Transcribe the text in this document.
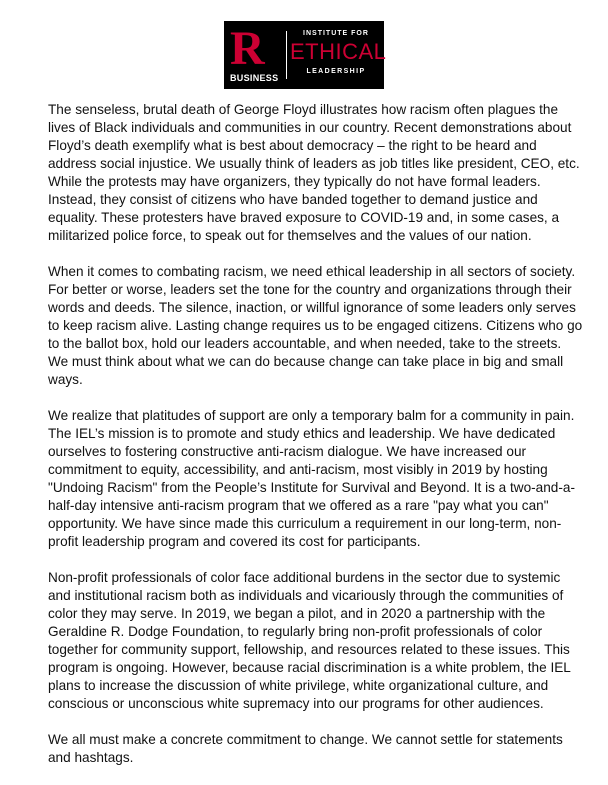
R
BUSINESS
INSTITUTE FOR
ETHICAL
LEADERSHIP

The senseless, brutal death of George Floyd illustrates how racism often plagues the
lives of Black individuals and communities in our country. Recent demonstrations about
Floyd’s death exemplify what is best about democracy – the right to be heard and
address social injustice. We usually think of leaders as job titles like president, CEO, etc.
While the protests may have organizers, they typically do not have formal leaders.
Instead, they consist of citizens who have banded together to demand justice and
equality. These protesters have braved exposure to COVID-19 and, in some cases, a
militarized police force, to speak out for themselves and the values of our nation.

When it comes to combating racism, we need ethical leadership in all sectors of society.
For better or worse, leaders set the tone for the country and organizations through their
words and deeds. The silence, inaction, or willful ignorance of some leaders only serves
to keep racism alive. Lasting change requires us to be engaged citizens. Citizens who go
to the ballot box, hold our leaders accountable, and when needed, take to the streets.
We must think about what we can do because change can take place in big and small
ways.

We realize that platitudes of support are only a temporary balm for a community in pain.
The IEL’s mission is to promote and study ethics and leadership. We have dedicated
ourselves to fostering constructive anti-racism dialogue. We have increased our
commitment to equity, accessibility, and anti-racism, most visibly in 2019 by hosting
"Undoing Racism" from the People’s Institute for Survival and Beyond. It is a two-and-a-
half-day intensive anti-racism program that we offered as a rare "pay what you can"
opportunity. We have since made this curriculum a requirement in our long-term, non-
profit leadership program and covered its cost for participants.

Non-profit professionals of color face additional burdens in the sector due to systemic
and institutional racism both as individuals and vicariously through the communities of
color they may serve. In 2019, we began a pilot, and in 2020 a partnership with the
Geraldine R. Dodge Foundation, to regularly bring non-profit professionals of color
together for community support, fellowship, and resources related to these issues. This
program is ongoing. However, because racial discrimination is a white problem, the IEL
plans to increase the discussion of white privilege, white organizational culture, and
conscious or unconscious white supremacy into our programs for other audiences.

We all must make a concrete commitment to change. We cannot settle for statements
and hashtags.
